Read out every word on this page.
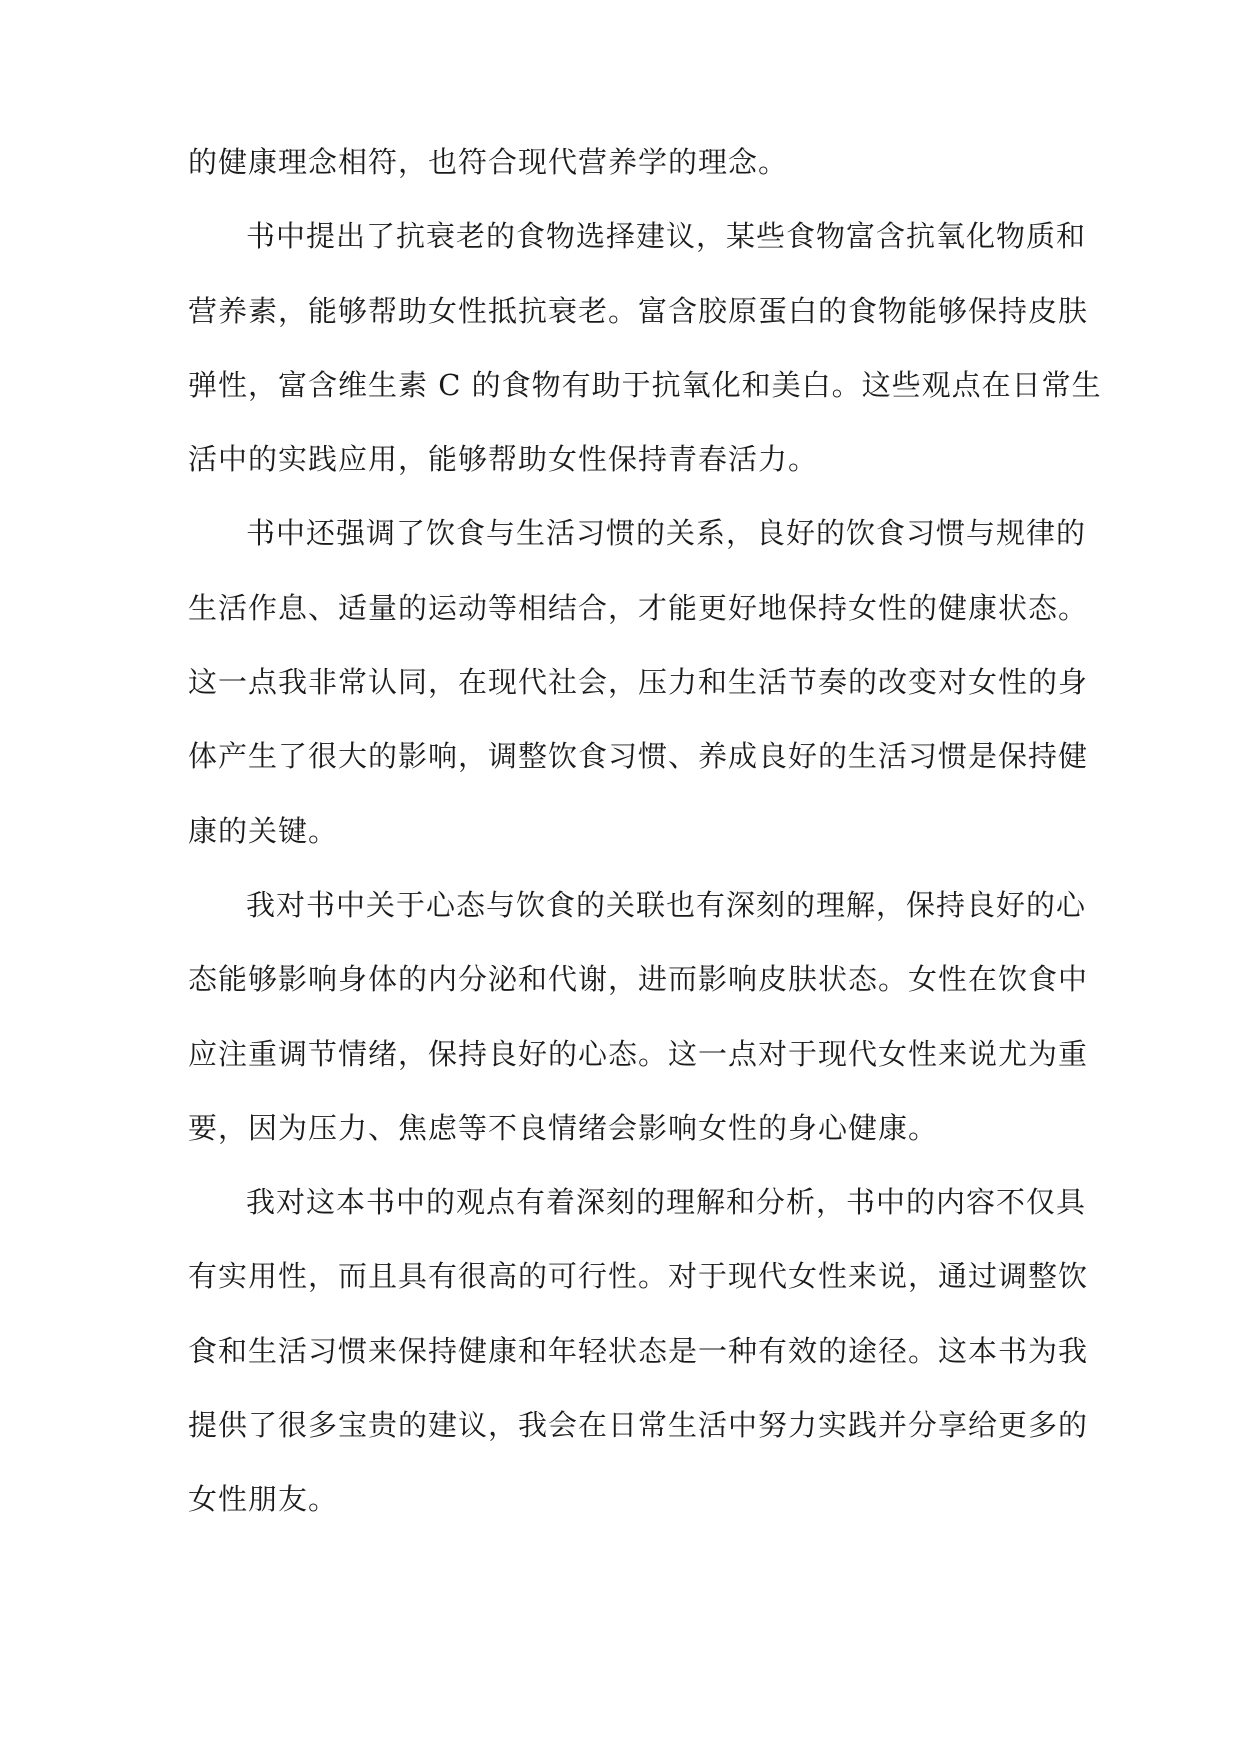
的健康理念相符，也符合现代营养学的理念。
书中提出了抗衰老的食物选择建议，某些食物富含抗氧化物质和
营养素，能够帮助女性抵抗衰老。富含胶原蛋白的食物能够保持皮肤
弹性，富含维生素 C 的食物有助于抗氧化和美白。这些观点在日常生
活中的实践应用，能够帮助女性保持青春活力。
书中还强调了饮食与生活习惯的关系，良好的饮食习惯与规律的
生活作息、适量的运动等相结合，才能更好地保持女性的健康状态。
这一点我非常认同，在现代社会，压力和生活节奏的改变对女性的身
体产生了很大的影响，调整饮食习惯、养成良好的生活习惯是保持健
康的关键。
我对书中关于心态与饮食的关联也有深刻的理解，保持良好的心
态能够影响身体的内分泌和代谢，进而影响皮肤状态。女性在饮食中
应注重调节情绪，保持良好的心态。这一点对于现代女性来说尤为重
要，因为压力、焦虑等不良情绪会影响女性的身心健康。
我对这本书中的观点有着深刻的理解和分析，书中的内容不仅具
有实用性，而且具有很高的可行性。对于现代女性来说，通过调整饮
食和生活习惯来保持健康和年轻状态是一种有效的途径。这本书为我
提供了很多宝贵的建议，我会在日常生活中努力实践并分享给更多的
女性朋友。
